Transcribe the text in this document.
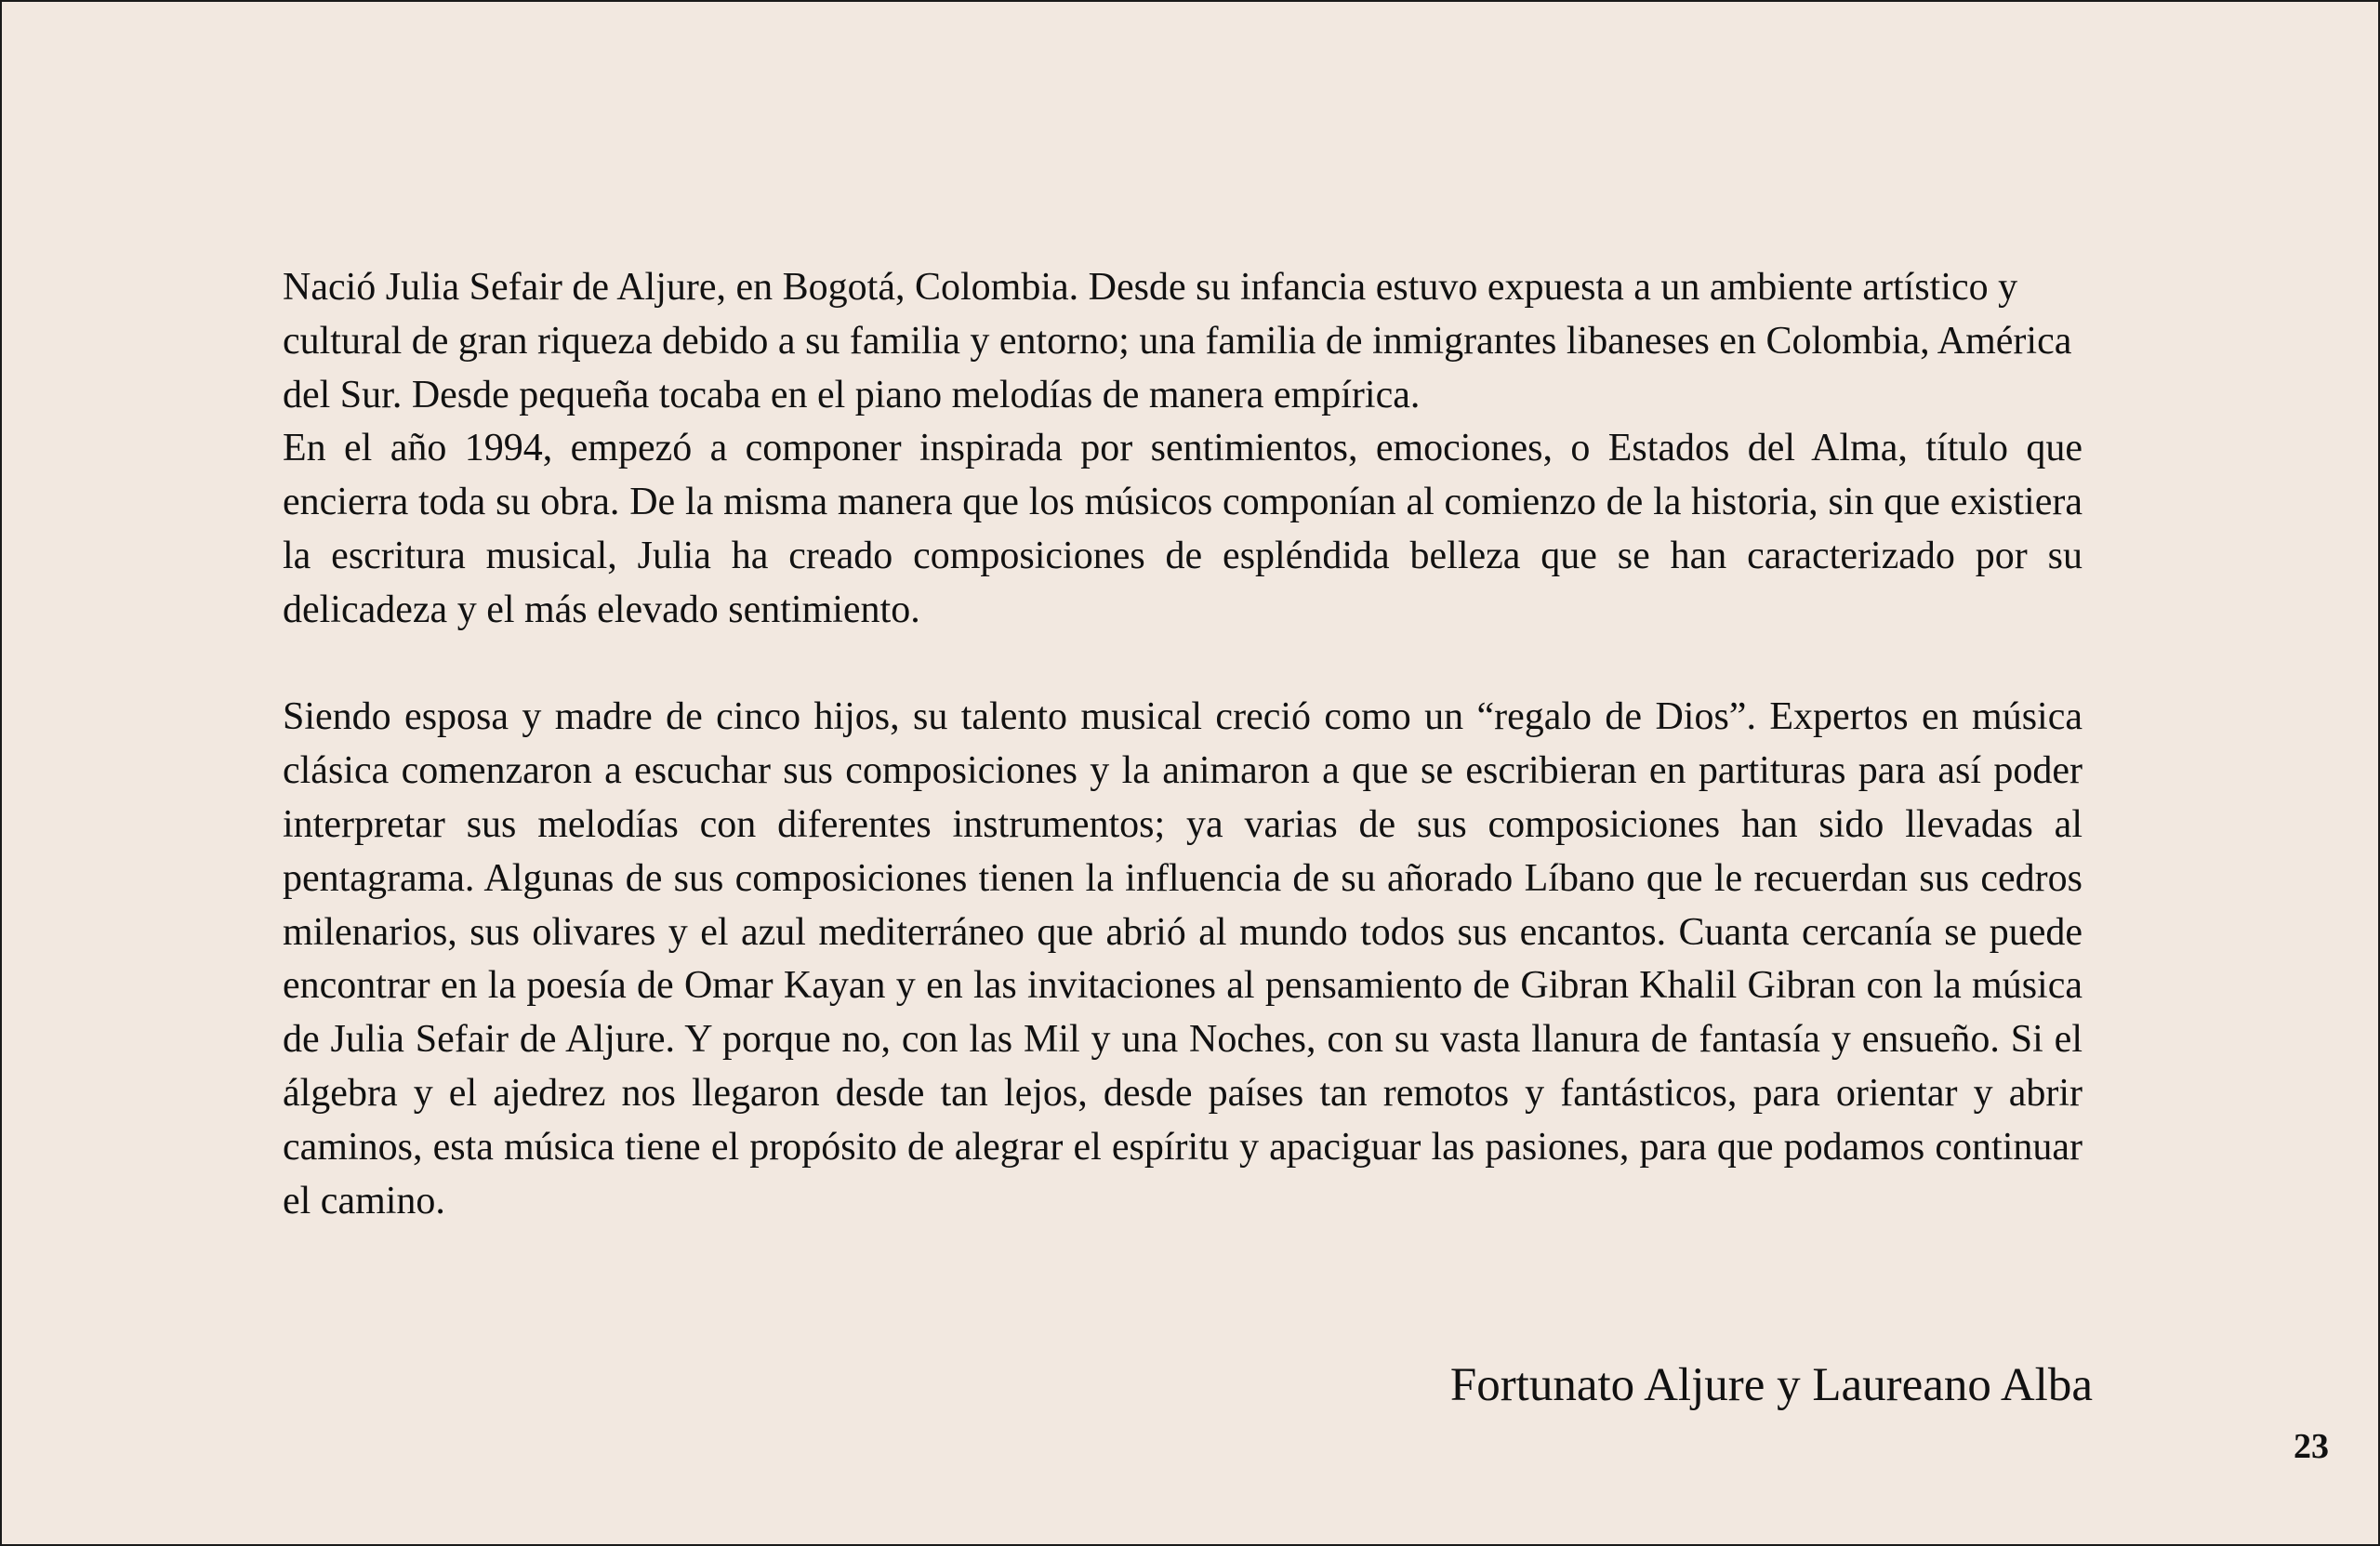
Nació Julia Sefair de Aljure, en Bogotá, Colombia. Desde su infancia estuvo expuesta a un ambiente artístico y cultural de gran riqueza debido a su familia y entorno; una familia de inmigrantes libaneses en Colombia, América del Sur. Desde pequeña tocaba en el piano melodías de manera empírica.

En el año 1994, empezó a componer inspirada por sentimientos, emociones, o Estados del Alma, título que encierra toda su obra. De la misma manera que los músicos componían al comienzo de la historia, sin que existiera la escritura musical, Julia ha creado composiciones de espléndida belleza que se han caracterizado por su delicadeza y el más elevado sentimiento.

Siendo esposa y madre de cinco hijos, su talento musical creció como un “regalo de Dios”. Expertos en música clásica comenzaron a escuchar sus composiciones y la animaron a que se escribieran en partituras para así poder interpretar sus melodías con diferentes instrumentos; ya varias de sus composiciones han sido llevadas al pentagrama. Algunas de sus composiciones tienen la influencia de su añorado Líbano que le recuerdan sus cedros milenarios, sus olivares y el azul mediterráneo que abrió al mundo todos sus encantos. Cuanta cercanía se puede encontrar en la poesía de Omar Kayan y en las invitaciones al pensamiento de Gibran Khalil Gibran con la música de Julia Sefair de Aljure. Y porque no, con las Mil y una Noches, con su vasta llanura de fantasía y ensueño. Si el álgebra y el ajedrez nos llegaron desde tan lejos, desde países tan remotos y fantásticos, para orientar y abrir caminos, esta música tiene el propósito de alegrar el espíritu y apaciguar las pasiones, para que podamos continuar el camino.

Fortunato Aljure y Laureano Alba

23
